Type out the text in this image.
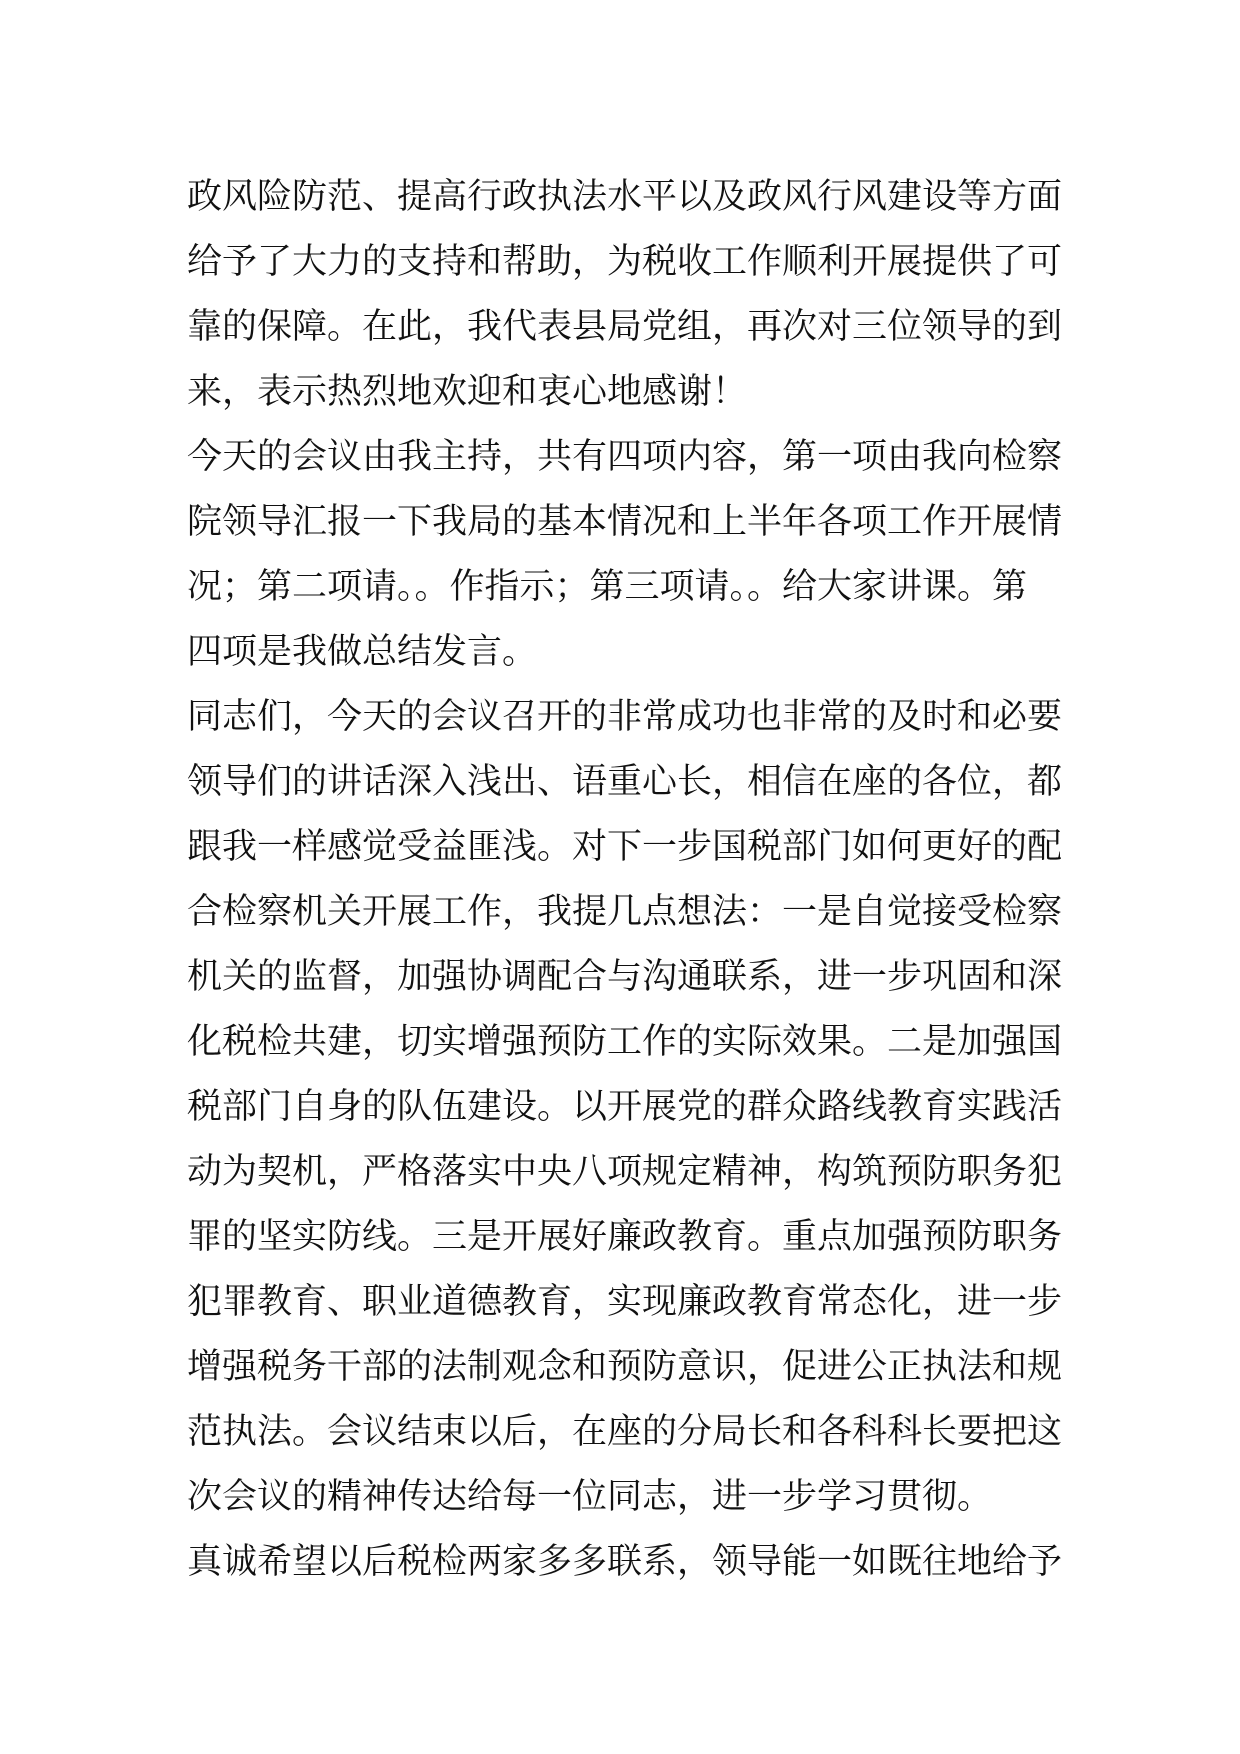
政风险防范、提高行政执法水平以及政风行风建设等方面
给予了大力的支持和帮助，为税收工作顺利开展提供了可
靠的保障。在此，我代表县局党组，再次对三位领导的到
来，表示热烈地欢迎和衷心地感谢！
今天的会议由我主持，共有四项内容，第一项由我向检察
院领导汇报一下我局的基本情况和上半年各项工作开展情
况；第二项请。。作指示；第三项请。。给大家讲课。第
四项是我做总结发言。
同志们，今天的会议召开的非常成功也非常的及时和必要
领导们的讲话深入浅出、语重心长，相信在座的各位，都
跟我一样感觉受益匪浅。对下一步国税部门如何更好的配
合检察机关开展工作，我提几点想法：一是自觉接受检察
机关的监督，加强协调配合与沟通联系，进一步巩固和深
化税检共建，切实增强预防工作的实际效果。二是加强国
税部门自身的队伍建设。以开展党的群众路线教育实践活
动为契机，严格落实中央八项规定精神，构筑预防职务犯
罪的坚实防线。三是开展好廉政教育。重点加强预防职务
犯罪教育、职业道德教育，实现廉政教育常态化，进一步
增强税务干部的法制观念和预防意识，促进公正执法和规
范执法。会议结束以后，在座的分局长和各科科长要把这
次会议的精神传达给每一位同志，进一步学习贯彻。
真诚希望以后税检两家多多联系，领导能一如既往地给予
